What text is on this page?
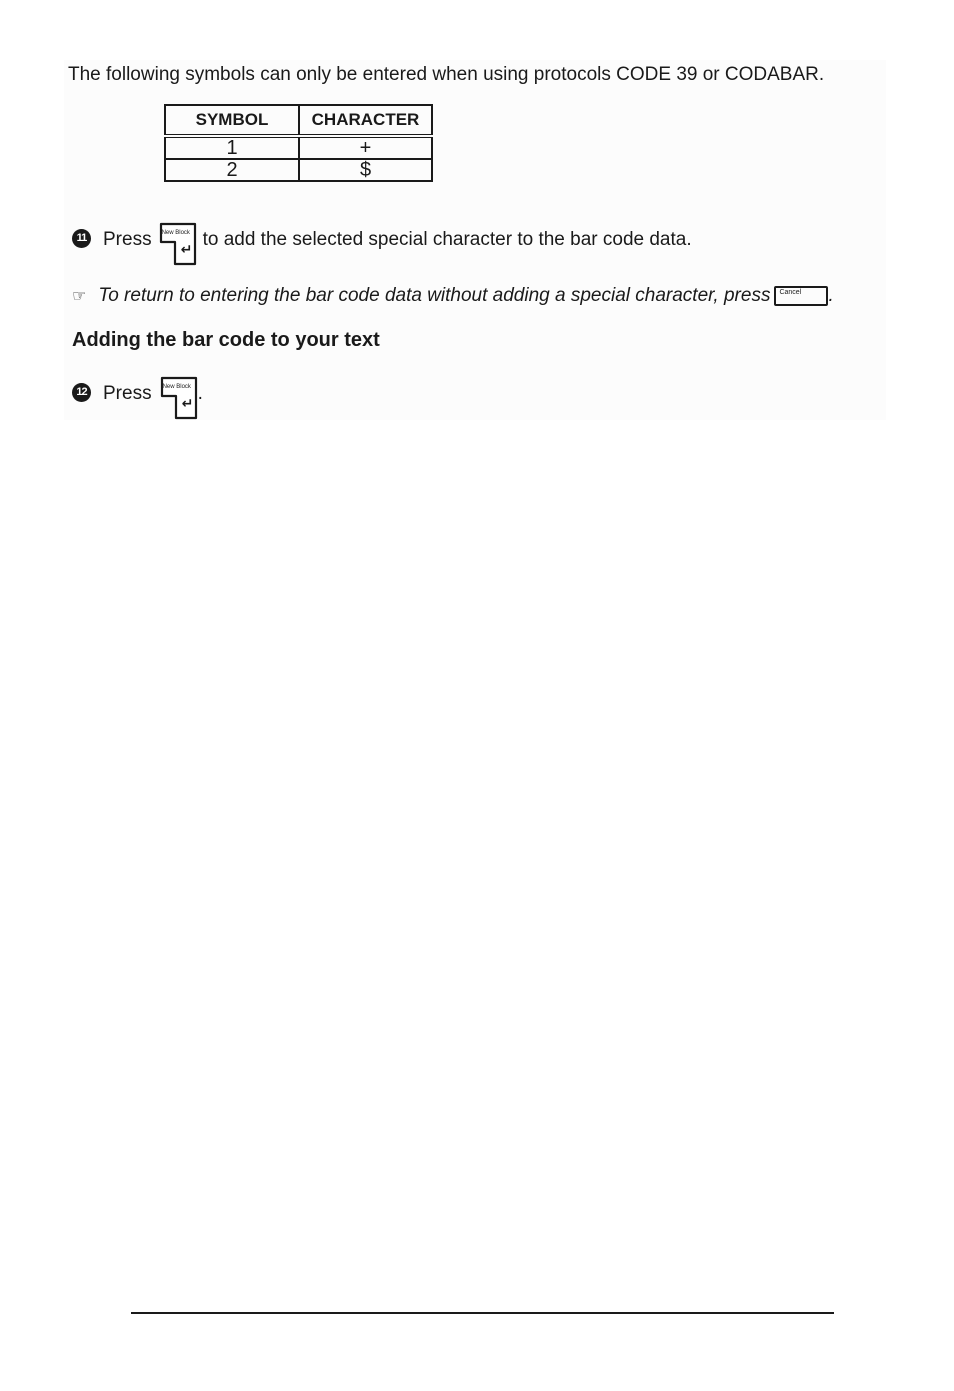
The following symbols can only be entered when using protocols CODE 39 or CODABAR.
SYMBOL	CHARACTER
1	+
2	$
11 Press New Block
↵ to add the selected special character to the bar code data.
☞ To return to entering the bar code data without adding a special character, press Cancel .
Adding the bar code to your text
12 Press New Block
↵ .
